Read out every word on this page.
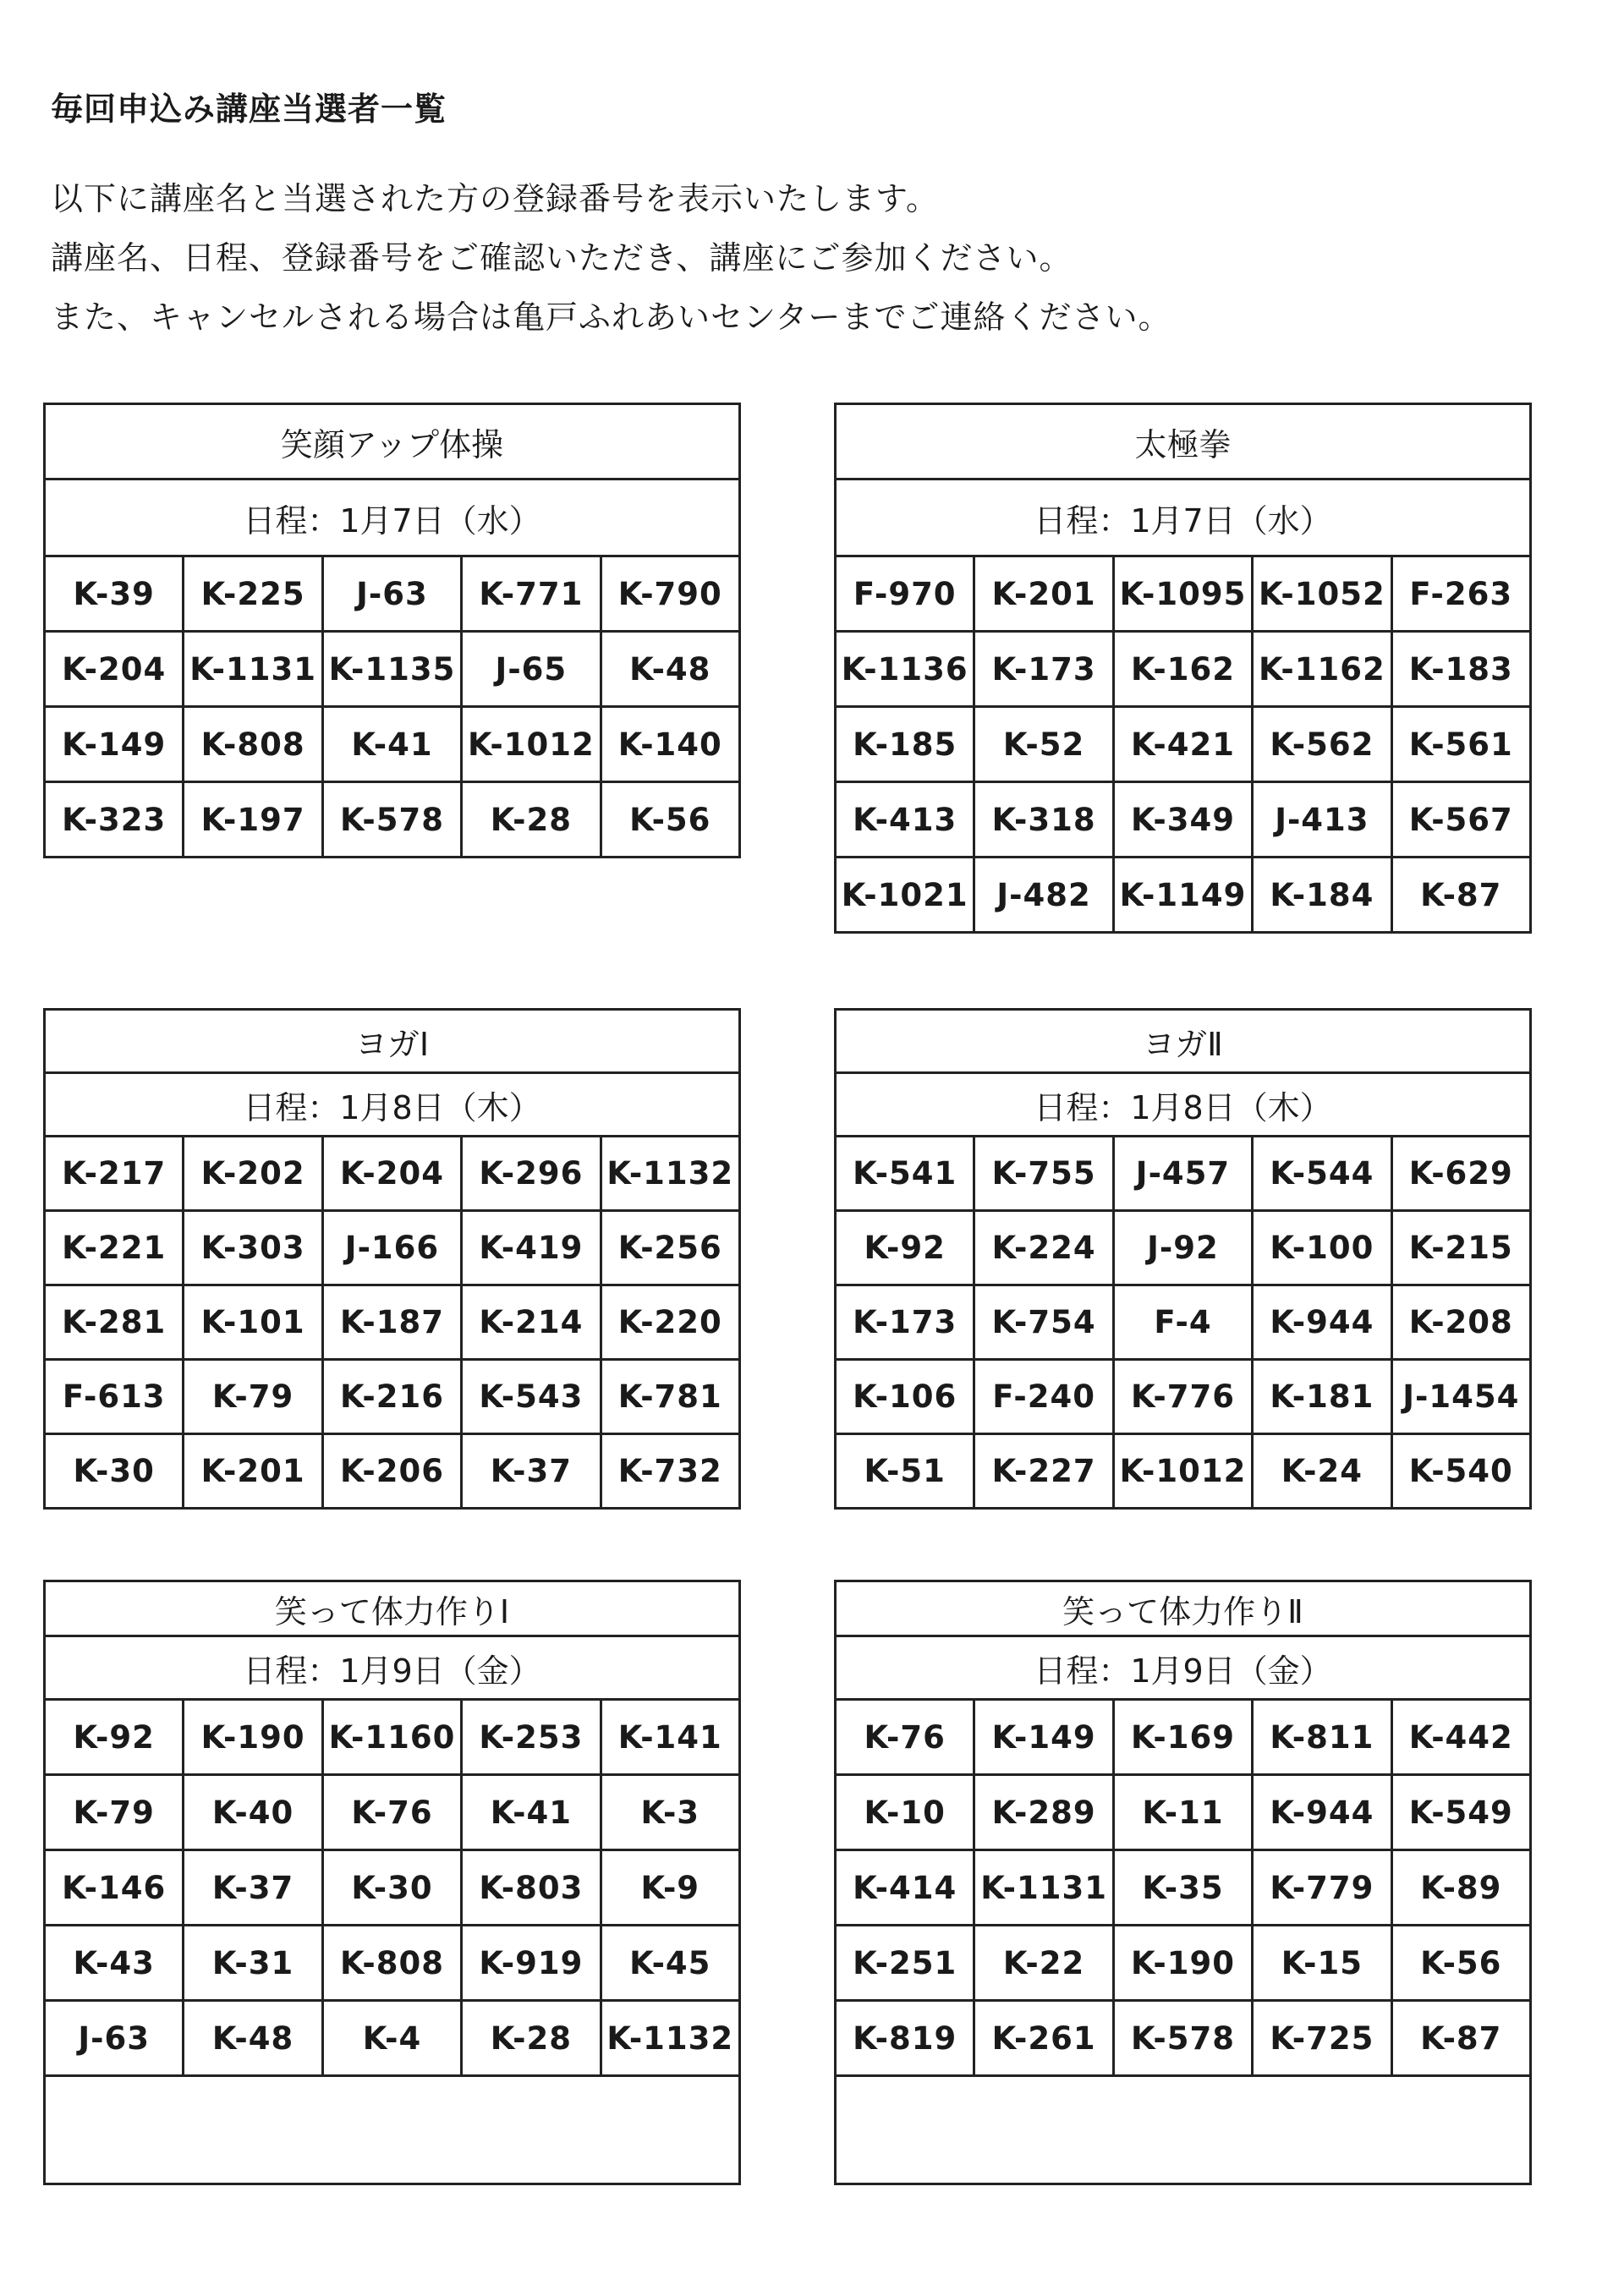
毎回申込み講座当選者一覧
以下に講座名と当選された方の登録番号を表示いたします。
講座名、日程、登録番号をご確認いただき、講座にご参加ください。
また、キャンセルされる場合は亀戸ふれあいセンターまでご連絡ください。
笑顔アップ体操				
日程：1月7日（水）				
K-39	K-225	J-63	K-771	K-790
K-204	K-1131	K-1135	J-65	K-48
K-149	K-808	K-41	K-1012	K-140
K-323	K-197	K-578	K-28	K-56
太極拳				
日程：1月7日（水）				
F-970	K-201	K-1095	K-1052	F-263
K-1136	K-173	K-162	K-1162	K-183
K-185	K-52	K-421	K-562	K-561
K-413	K-318	K-349	J-413	K-567
K-1021	J-482	K-1149	K-184	K-87
ヨガⅠ				
日程：1月8日（木）				
K-217	K-202	K-204	K-296	K-1132
K-221	K-303	J-166	K-419	K-256
K-281	K-101	K-187	K-214	K-220
F-613	K-79	K-216	K-543	K-781
K-30	K-201	K-206	K-37	K-732
ヨガⅡ				
日程：1月8日（木）				
K-541	K-755	J-457	K-544	K-629
K-92	K-224	J-92	K-100	K-215
K-173	K-754	F-4	K-944	K-208
K-106	F-240	K-776	K-181	J-1454
K-51	K-227	K-1012	K-24	K-540
笑って体力作りⅠ				
日程：1月9日（金）				
K-92	K-190	K-1160	K-253	K-141
K-79	K-40	K-76	K-41	K-3
K-146	K-37	K-30	K-803	K-9
K-43	K-31	K-808	K-919	K-45
J-63	K-48	K-4	K-28	K-1132

笑って体力作りⅡ				
日程：1月9日（金）				
K-76	K-149	K-169	K-811	K-442
K-10	K-289	K-11	K-944	K-549
K-414	K-1131	K-35	K-779	K-89
K-251	K-22	K-190	K-15	K-56
K-819	K-261	K-578	K-725	K-87
